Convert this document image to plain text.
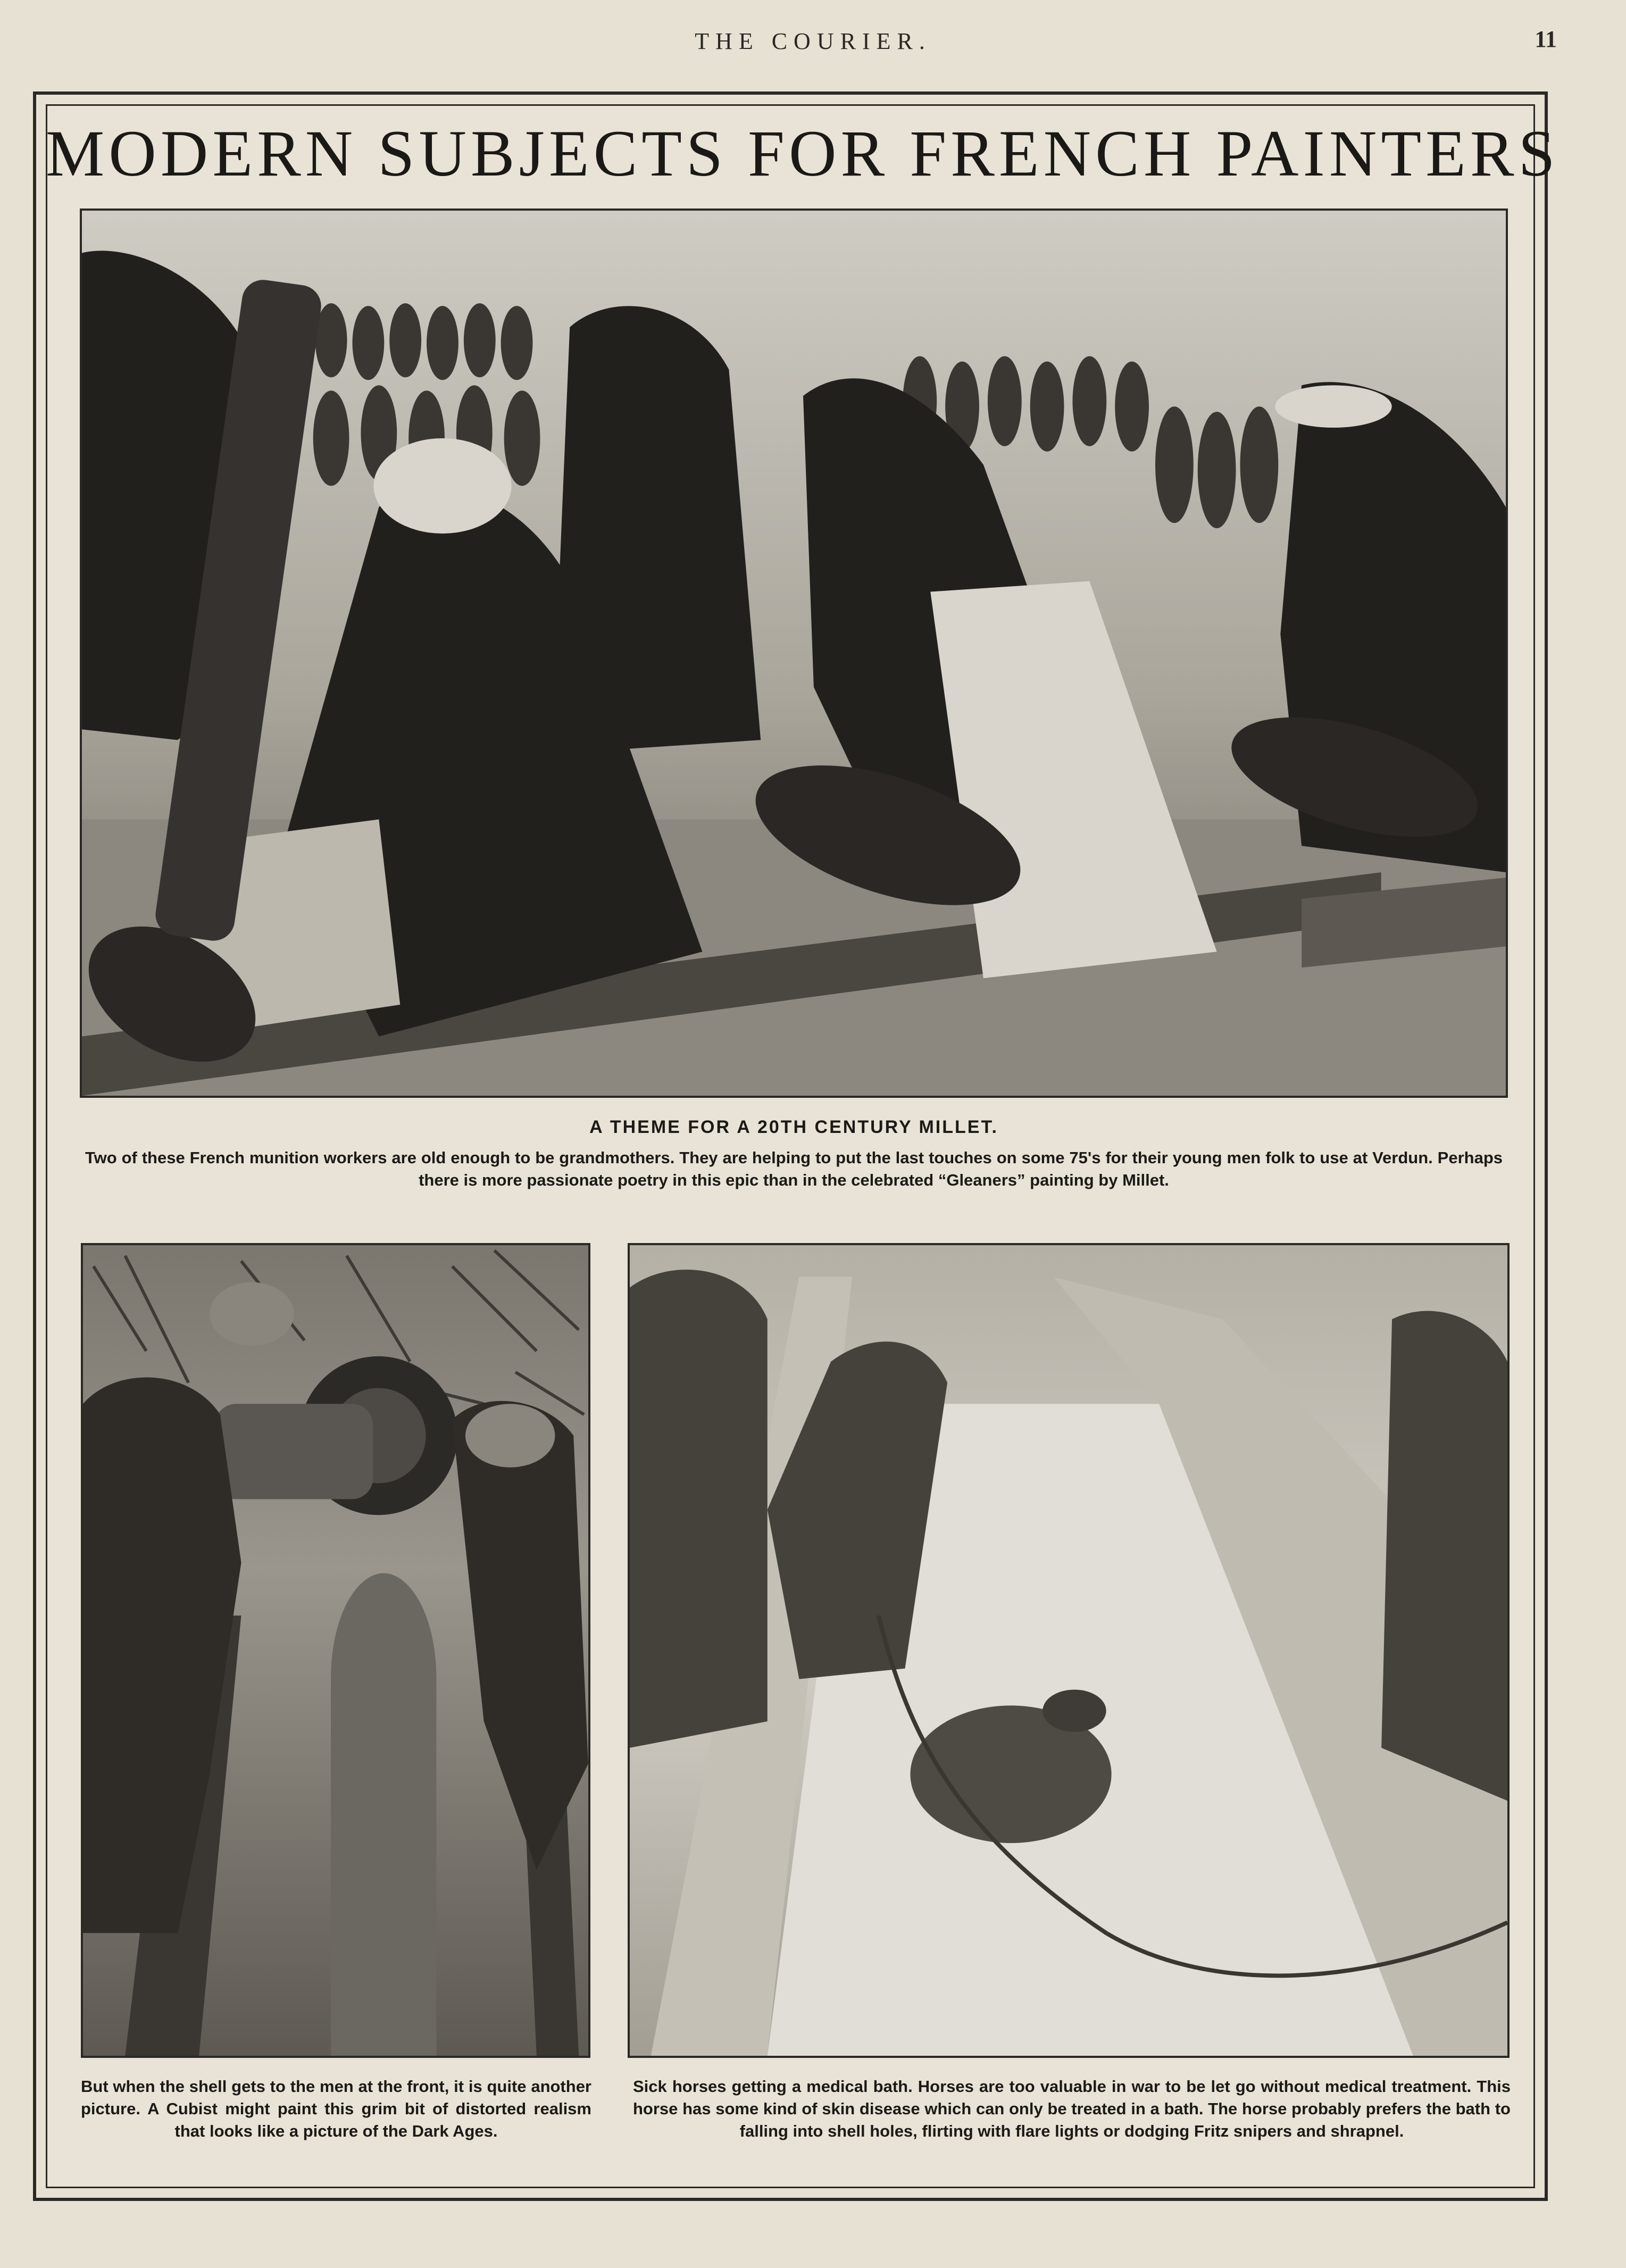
THE COURIER.	11
MODERN SUBJECTS FOR FRENCH PAINTERS
A THEME FOR A 20TH CENTURY MILLET.
Two of these French munition workers are old enough to be grandmothers. They are helping to put the last touches on some 75's for their young men folk to use at Verdun. Perhaps there is more passionate poetry in this epic than in the celebrated “Gleaners” painting by Millet.
But when the shell gets to the men at the front, it is quite another picture. A Cubist might paint this grim bit of distorted realism that looks like a picture of the Dark Ages.
Sick horses getting a medical bath. Horses are too valuable in war to be let go without medical treatment. This horse has some kind of skin disease which can only be treated in a bath. The horse probably prefers the bath to falling into shell holes, flirting with flare lights or dodging Fritz snipers and shrapnel.
